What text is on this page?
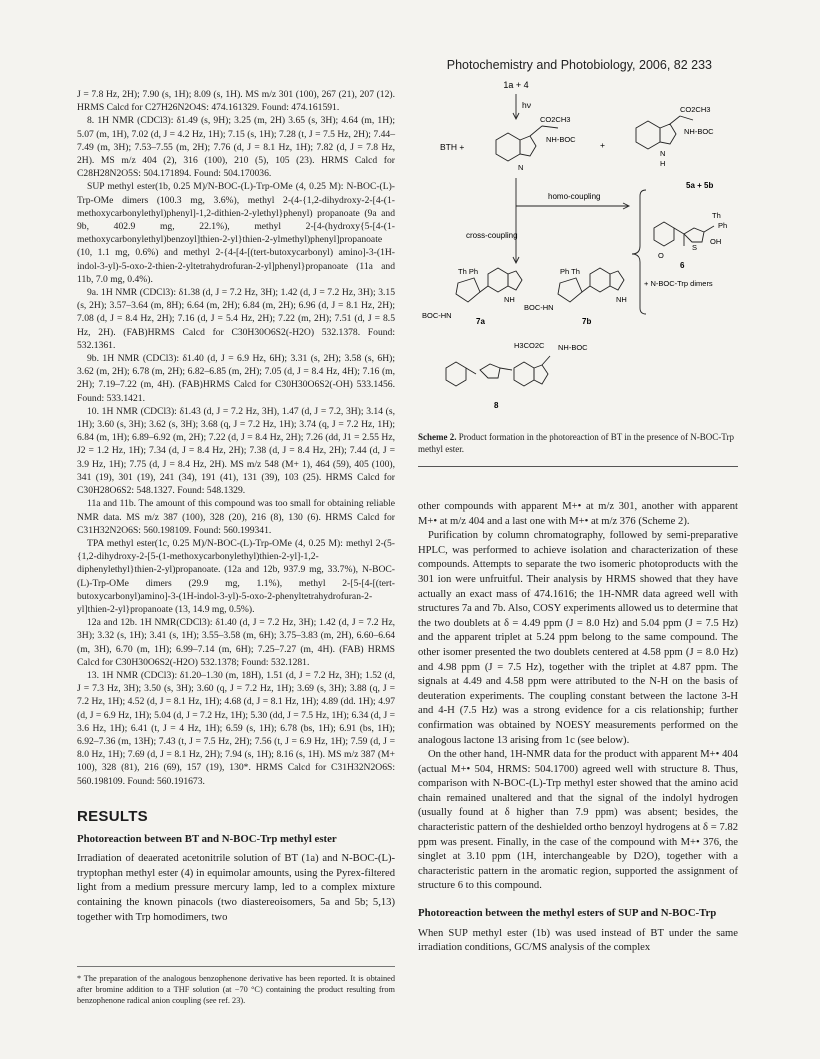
Photochemistry and Photobiology, 2006, 82 233

J = 7.8 Hz, 2H); 7.90 (s, 1H); 8.09 (s, 1H). MS m/z 301 (100), 267 (21), 207 (12). HRMS Calcd for C27H26N2O4S: 474.161329. Found: 474.161591.

8. 1H NMR (CDCl3): δ1.49 (s, 9H); 3.25 (m, 2H) 3.65 (s, 3H); 4.64 (m, 1H); 5.07 (m, 1H), 7.02 (d, J = 4.2 Hz, 1H); 7.15 (s, 1H); 7.28 (t, J = 7.5 Hz, 2H); 7.44–7.49 (m, 3H); 7.53–7.55 (m, 2H); 7.76 (d, J = 8.1 Hz, 1H); 7.82 (d, J = 7.8 Hz, 2H). MS m/z 404 (2), 316 (100), 210 (5), 105 (23). HRMS Calcd for C28H28N2O5S: 504.171894. Found: 504.170036.

SUP methyl ester(1b, 0.25 M)/N-BOC-(L)-Trp-OMe (4, 0.25 M): N-BOC-(L)-Trp-OMe dimers (100.3 mg, 3.6%), methyl 2-(4-{1,2-dihydroxy-2-[4-(1-methoxycarbonylethyl)phenyl]-1,2-dithien-2-ylethyl}phenyl) propanoate (9a and 9b, 402.9 mg, 22.1%), methyl 2-[4-(hydroxy{5-[4-(1-methoxycarbonylethyl)benzoyl]thien-2-yl}thien-2-ylmethyl)phenyl]propanoate (10, 1.1 mg, 0.6%) and methyl 2-{4-[4-[(tert-butoxycarbonyl) amino]-3-(1H-indol-3-yl)-5-oxo-2-thien-2-yltetrahydrofuran-2-yl]phenyl}propanoate (11a and 11b, 7.0 mg, 0.4%).

9a. 1H NMR (CDCl3): δ1.38 (d, J = 7.2 Hz, 3H); 1.42 (d, J = 7.2 Hz, 3H); 3.15 (s, 2H); 3.57–3.64 (m, 8H); 6.64 (m, 2H); 6.84 (m, 2H); 6.96 (d, J = 8.1 Hz, 2H); 7.08 (d, J = 8.4 Hz, 2H); 7.16 (d, J = 5.4 Hz, 2H); 7.22 (m, 2H); 7.51 (d, J = 8.5 Hz, 2H). (FAB)HRMS Calcd for C30H30O6S2(-H2O) 532.1378. Found: 532.1361.

9b. 1H NMR (CDCl3): δ1.40 (d, J = 6.9 Hz, 6H); 3.31 (s, 2H); 3.58 (s, 6H); 3.62 (m, 2H); 6.78 (m, 2H); 6.82–6.85 (m, 2H); 7.05 (d, J = 8.4 Hz, 4H); 7.16 (m, 2H); 7.19–7.22 (m, 4H). (FAB)HRMS Calcd for C30H30O6S2(-OH) 533.1456. Found: 533.1421.

10. 1H NMR (CDCl3): δ1.43 (d, J = 7.2 Hz, 3H), 1.47 (d, J = 7.2, 3H); 3.14 (s, 1H); 3.60 (s, 3H); 3.62 (s, 3H); 3.68 (q, J = 7.2 Hz, 1H); 3.74 (q, J = 7.2 Hz, 1H); 6.84 (m, 1H); 6.89–6.92 (m, 2H); 7.22 (d, J = 8.4 Hz, 2H); 7.26 (dd, J1 = 2.55 Hz, J2 = 1.2 Hz, 1H); 7.34 (d, J = 8.4 Hz, 2H); 7.38 (d, J = 8.4 Hz, 2H); 7.44 (d, J = 3.9 Hz, 1H); 7.75 (d, J = 8.4 Hz, 2H). MS m/z 548 (M+ 1), 464 (59), 405 (100), 341 (19), 301 (19), 241 (34), 191 (41), 131 (39), 103 (25). HRMS Calcd for C30H28O6S2: 548.1327. Found: 548.1329.

11a and 11b. The amount of this compound was too small for obtaining reliable NMR data. MS m/z 387 (100), 328 (20), 216 (8), 130 (6). HRMS Calcd for C31H32N2O6S: 560.198109. Found: 560.199341.

TPA methyl ester(1c, 0.25 M)/N-BOC-(L)-Trp-OMe (4, 0.25 M): methyl 2-(5-{1,2-dihydroxy-2-[5-(1-methoxycarbonylethyl)thien-2-yl]-1,2-diphenylethyl}thien-2-yl)propanoate. (12a and 12b, 937.9 mg, 33.7%), N-BOC-(L)-Trp-OMe dimers (29.9 mg, 1.1%), methyl 2-[5-[4-[(tert-butoxycarbonyl)amino]-3-(1H-indol-3-yl)-5-oxo-2-phenyltetrahydrofuran-2-yl]thien-2-yl}propanoate (13, 14.9 mg, 0.5%).

12a and 12b. 1H NMR(CDCl3): δ1.40 (d, J = 7.2 Hz, 3H); 1.42 (d, J = 7.2 Hz, 3H); 3.32 (s, 1H); 3.41 (s, 1H); 3.55–3.58 (m, 6H); 3.75–3.83 (m, 2H), 6.60–6.64 (m, 3H), 6.70 (m, 1H); 6.99–7.14 (m, 6H); 7.25–7.27 (m, 4H). (FAB) HRMS Calcd for C30H30O6S2(-H2O) 532.1378; Found: 532.1281.

13. 1H NMR (CDCl3): δ1.20–1.30 (m, 18H), 1.51 (d, J = 7.2 Hz, 3H); 1.52 (d, J = 7.3 Hz, 3H); 3.50 (s, 3H); 3.60 (q, J = 7.2 Hz, 1H); 3.69 (s, 3H); 3.88 (q, J = 7.2 Hz, 1H); 4.52 (d, J = 8.1 Hz, 1H); 4.68 (d, J = 8.1 Hz, 1H); 4.89 (dd. 1H); 4.97 (d, J = 6.9 Hz, 1H); 5.04 (d, J = 7.2 Hz, 1H); 5.30 (dd, J = 7.5 Hz, 1H); 6.34 (d, J = 3.6 Hz, 1H); 6.41 (t, J = 4 Hz, 1H); 6.59 (s, 1H); 6.78 (bs, 1H); 6.91 (bs, 1H); 6.92–7.36 (m, 13H); 7.43 (t, J = 7.5 Hz, 2H); 7.56 (t, J = 6.9 Hz, 1H); 7.59 (d, J = 8.0 Hz, 1H); 7.69 (d, J = 8.1 Hz, 2H); 7.94 (s, 1H); 8.16 (s, 1H). MS m/z 387 (M+ 100), 328 (81), 216 (69), 157 (19), 130*. HRMS Calcd for C31H32N2O6S: 560.198109. Found: 560.191673.

RESULTS
Photoreaction between BT and N-BOC-Trp methyl ester

Irradiation of deaerated acetonitrile solution of BT (1a) and N-BOC-(L)-tryptophan methyl ester (4) in equimolar amounts, using the Pyrex-filtered light from a medium pressure mercury lamp, led to a complex mixture containing the known pinacols (two diastereoisomers, 5a and 5b; 5,13) together with Trp homodimers, two

* The preparation of the analogous benzophenone derivative has been reported. It is obtained after bromine addition to a THF solution (at −70 °C) containing the product resulting from benzophenone radical anion coupling (see ref. 23).
1a + 4
hν
BTH +	+
CO2CH3
NH-BOC
CO2CH3
NH-BOC
N
N
H
5a + 5b
homo-coupling
cross-coupling
O
S
Th
Ph
OH
6
+ N-BOC-Trp dimers
Th Ph	Ph Th
BOC-HN
BOC-HN
NH	NH
7a	7b
H3CO2C NH-BOC
8
Scheme 2. Product formation in the photoreaction of BT in the presence of N-BOC-Trp methyl ester.

other compounds with apparent M+• at m/z 301, another with apparent M+• at m/z 404 and a last one with M+• at m/z 376 (Scheme 2).

Purification by column chromatography, followed by semi-preparative HPLC, was performed to achieve isolation and characterization of these compounds. Attempts to separate the two isomeric photoproducts with the 301 ion were unfruitful. Their analysis by HRMS showed that they have actually an exact mass of 474.1616; the 1H-NMR data agreed well with structures 7a and 7b. Also, COSY experiments allowed us to determine that the two doublets at δ = 4.49 ppm (J = 8.0 Hz) and 5.04 ppm (J = 7.5 Hz) and the apparent triplet at 5.24 ppm belong to the same compound. The other isomer presented the two doublets centered at 4.58 ppm (J = 8.0 Hz) and 4.98 ppm (J = 7.5 Hz), together with the triplet at 4.87 ppm. The signals at 4.49 and 4.58 ppm were attributed to the N-H on the basis of deuteration experiments. The coupling constant between the lactone 3-H and 4-H (7.5 Hz) was a strong evidence for a cis relationship; further confirmation was obtained by NOESY measurements performed on the analogous lactone 13 arising from 1c (see below).

On the other hand, 1H-NMR data for the product with apparent M+• 404 (actual M+• 504, HRMS: 504.1700) agreed well with structure 8. Thus, comparison with N-BOC-(L)-Trp methyl ester showed that the amino acid chain remained unaltered and that the signal of the indolyl hydrogen (usually found at δ higher than 7.9 ppm) was absent; besides, the characteristic pattern of the deshielded ortho benzoyl hydrogens at δ = 7.82 ppm was present. Finally, in the case of the compound with M+• 376, the singlet at 3.10 ppm (1H, interchangeable by D2O), together with a characteristic pattern in the aromatic region, supported the assignment of structure 6 to this compound.

Photoreaction between the methyl esters of SUP and N-BOC-Trp

When SUP methyl ester (1b) was used instead of BT under the same irradiation conditions, GC/MS analysis of the complex
